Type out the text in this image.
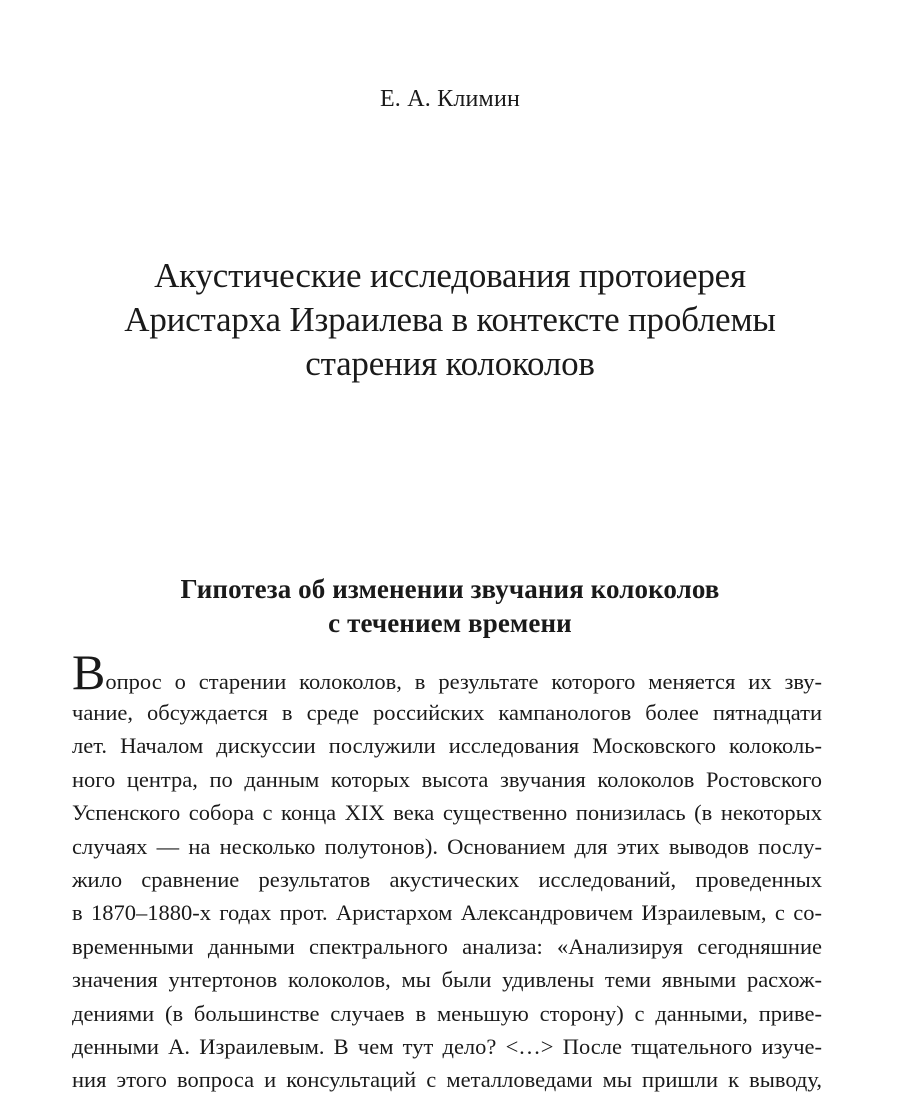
Е. А. Климин
Акустические исследования протоиерея
Аристарха Израилева в контексте проблемы
старения колоколов
Гипотеза об изменении звучания колоколов
с течением времени
Вопрос о старении колоколов, в результате которого меняется их зву-
чание, обсуждается в среде российских кампанологов более пятнадцати
лет. Началом дискуссии послужили исследования Московского колоколь-
ного центра, по данным которых высота звучания колоколов Ростовского
Успенского собора с конца XIX века существенно понизилась (в некоторых
случаях — на несколько полутонов). Основанием для этих выводов послу-
жило сравнение результатов акустических исследований, проведенных
в 1870–1880-х годах прот. Аристархом Александровичем Израилевым, с со-
временными данными спектрального анализа: «Анализируя сегодняшние
значения унтертонов колоколов, мы были удивлены теми явными расхож-
дениями (в большинстве случаев в меньшую сторону) с данными, приве-
денными А. Израилевым. В чем тут дело? <…> После тщательного изуче-
ния этого вопроса и консультаций с металловедами мы пришли к выводу,
